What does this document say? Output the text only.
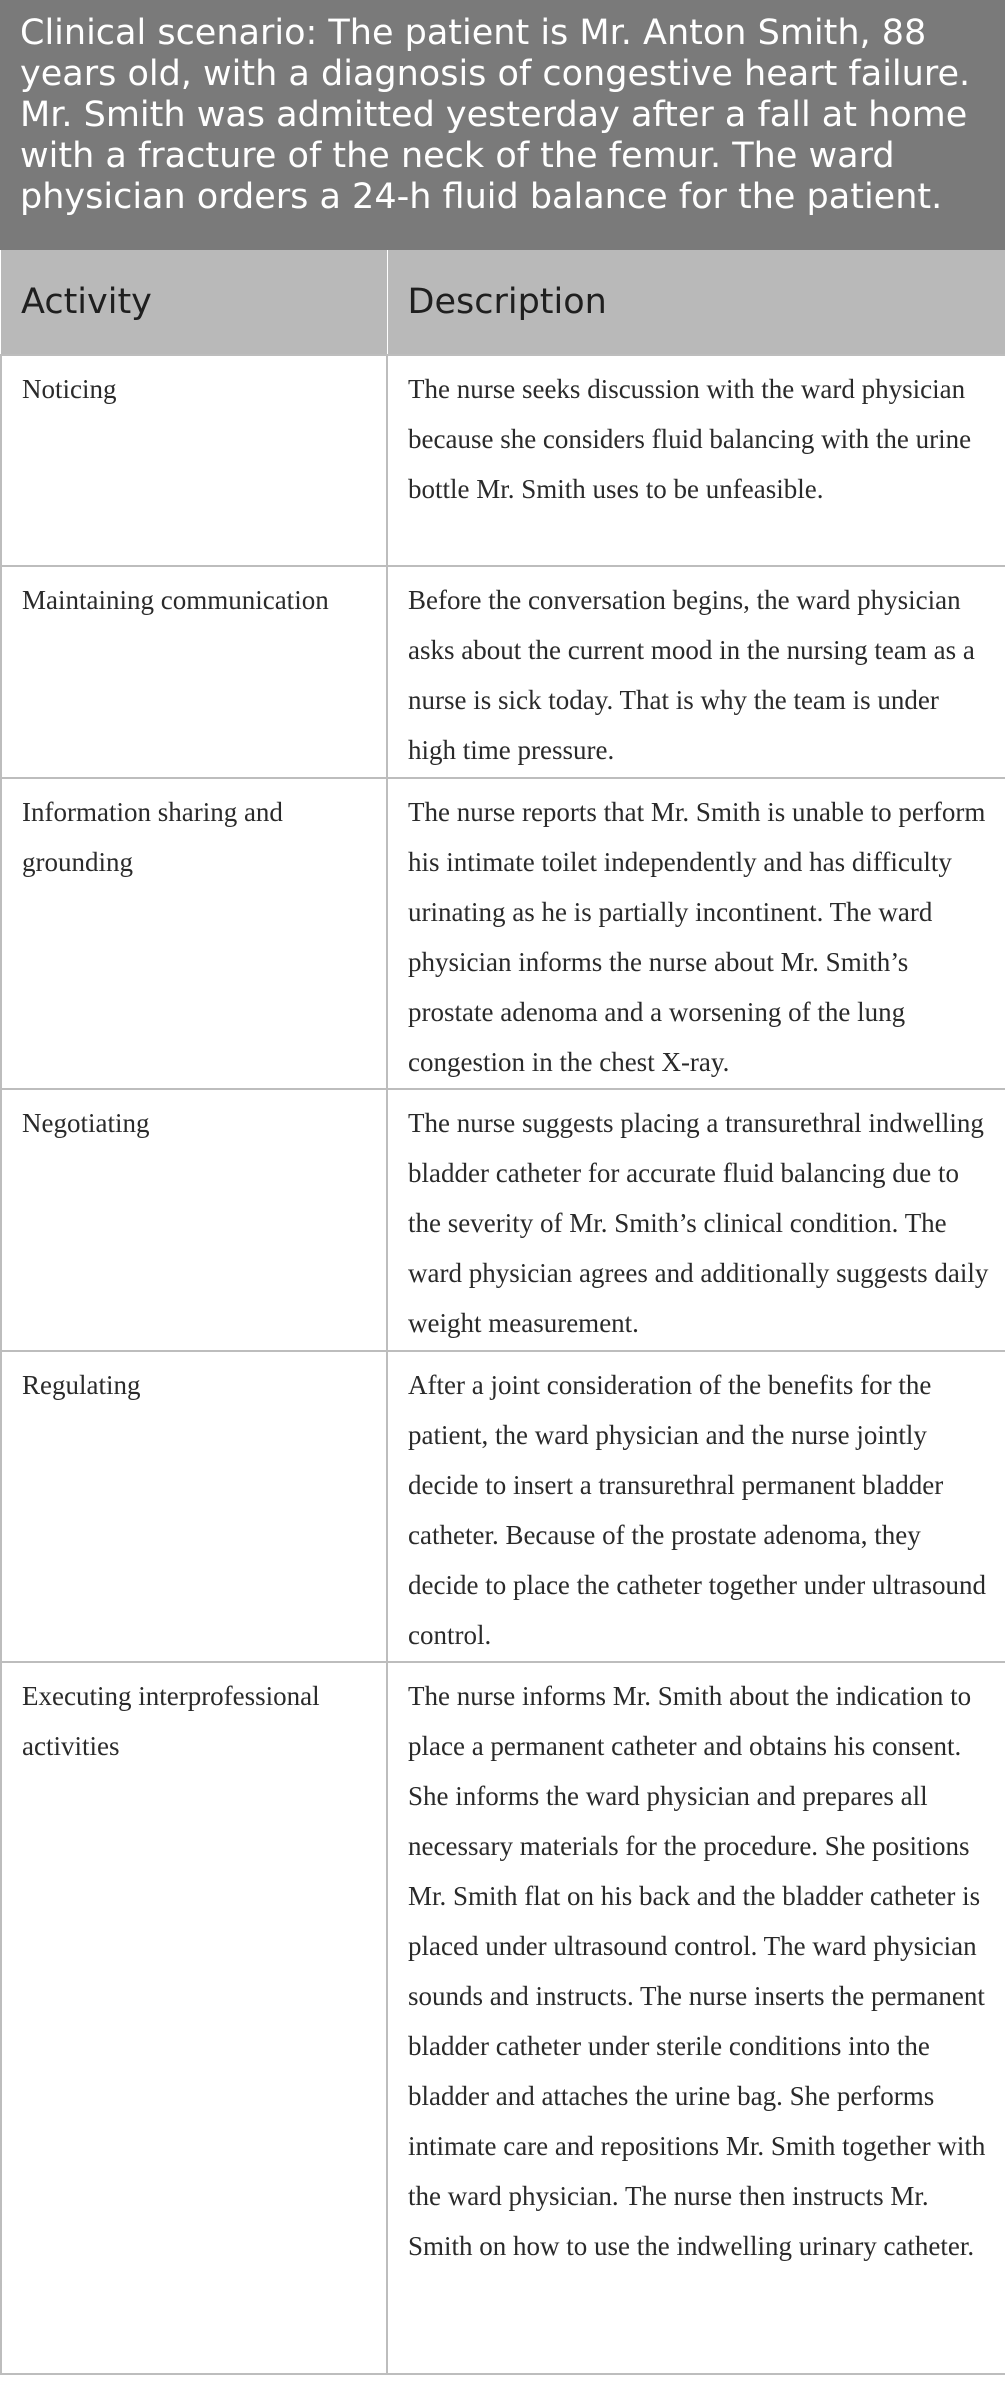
Clinical scenario: The patient is Mr. Anton Smith, 88 years old, with a diagnosis of congestive heart failure. Mr. Smith was admitted yesterday after a fall at home with a fracture of the neck of the femur. The ward physician orders a 24-h fluid balance for the patient.
Activity	Description
Noticing	The nurse seeks discussion with the ward physician because she considers fluid balancing with the urine bottle Mr. Smith uses to be unfeasible.
Maintaining communication	Before the conversation begins, the ward physician asks about the current mood in the nursing team as a nurse is sick today. That is why the team is under high time pressure.
Information sharing and grounding	The nurse reports that Mr. Smith is unable to perform his intimate toilet independently and has difficulty urinating as he is partially incontinent. The ward physician informs the nurse about Mr. Smith’s prostate adenoma and a worsening of the lung congestion in the chest X-ray.
Negotiating	The nurse suggests placing a transurethral indwelling bladder catheter for accurate fluid balancing due to the severity of Mr. Smith’s clinical condition. The ward physician agrees and additionally suggests daily weight measurement.
Regulating	After a joint consideration of the benefits for the patient, the ward physician and the nurse jointly decide to insert a transurethral permanent bladder catheter. Because of the prostate adenoma, they decide to place the catheter together under ultrasound control.
Executing interprofessional activities	The nurse informs Mr. Smith about the indication to place a permanent catheter and obtains his consent. She informs the ward physician and prepares all necessary materials for the procedure. She positions Mr. Smith flat on his back and the bladder catheter is placed under ultrasound control. The ward physician sounds and instructs. The nurse inserts the permanent bladder catheter under sterile conditions into the bladder and attaches the urine bag. She performs intimate care and repositions Mr. Smith together with the ward physician. The nurse then instructs Mr. Smith on how to use the indwelling urinary catheter.
